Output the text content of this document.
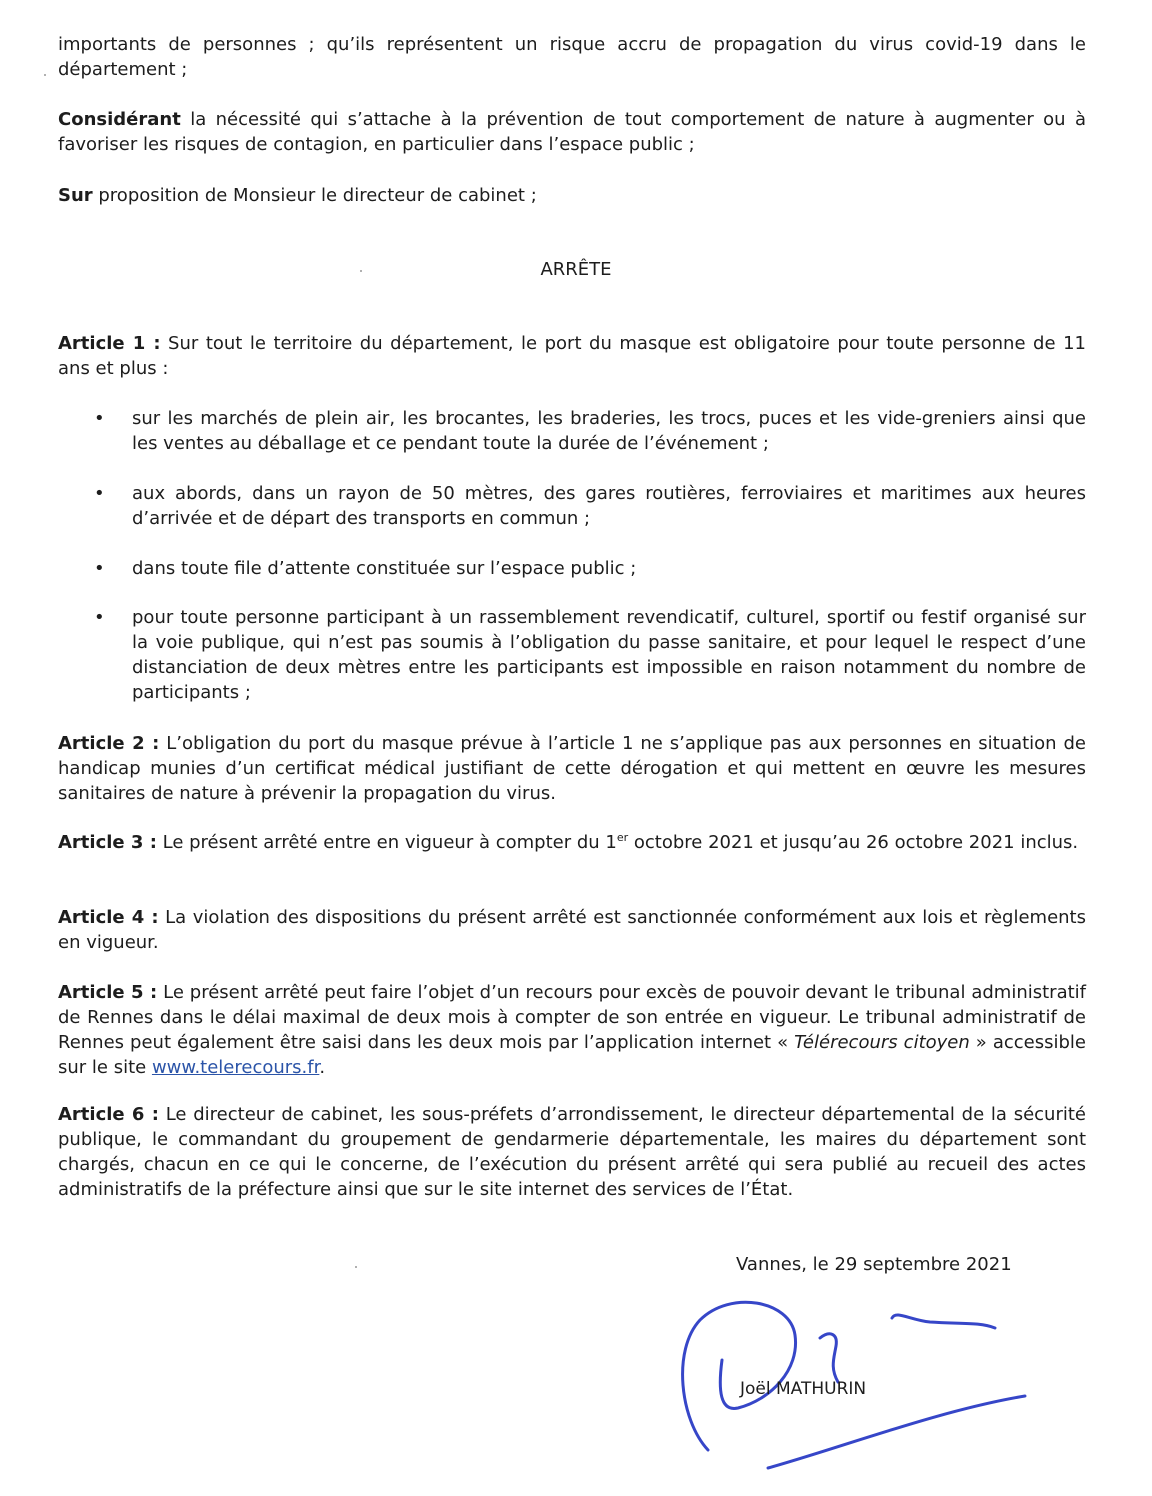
importants de personnes ; qu’ils représentent un risque accru de propagation du virus covid-19 dans le département ;

Considérant la nécessité qui s’attache à la prévention de tout comportement de nature à augmenter ou à favoriser les risques de contagion, en particulier dans l’espace public ;

Sur proposition de Monsieur le directeur de cabinet ;

ARRÊTE

Article 1 : Sur tout le territoire du département, le port du masque est obligatoire pour toute personne de 11 ans et plus :

• sur les marchés de plein air, les brocantes, les braderies, les trocs, puces et les vide-greniers ainsi que les ventes au déballage et ce pendant toute la durée de l’événement ;

• aux abords, dans un rayon de 50 mètres, des gares routières, ferroviaires et maritimes aux heures d’arrivée et de départ des transports en commun ;

• dans toute file d’attente constituée sur l’espace public ;

• pour toute personne participant à un rassemblement revendicatif, culturel, sportif ou festif organisé sur la voie publique, qui n’est pas soumis à l’obligation du passe sanitaire, et pour lequel le respect d’une distanciation de deux mètres entre les participants est impossible en raison notamment du nombre de participants ;

Article 2 : L’obligation du port du masque prévue à l’article 1 ne s’applique pas aux personnes en situation de handicap munies d’un certificat médical justifiant de cette dérogation et qui mettent en œuvre les mesures sanitaires de nature à prévenir la propagation du virus.

Article 3 : Le présent arrêté entre en vigueur à compter du 1er octobre 2021 et jusqu’au 26 octobre 2021 inclus.

Article 4 : La violation des dispositions du présent arrêté est sanctionnée conformément aux lois et règlements en vigueur.

Article 5 : Le présent arrêté peut faire l’objet d’un recours pour excès de pouvoir devant le tribunal administratif de Rennes dans le délai maximal de deux mois à compter de son entrée en vigueur. Le tribunal administratif de Rennes peut également être saisi dans les deux mois par l’application internet « Télérecours citoyen » accessible sur le site www.telerecours.fr.

Article 6 : Le directeur de cabinet, les sous-préfets d’arrondissement, le directeur départemental de la sécurité publique, le commandant du groupement de gendarmerie départementale, les maires du département sont chargés, chacun en ce qui le concerne, de l’exécution du présent arrêté qui sera publié au recueil des actes administratifs de la préfecture ainsi que sur le site internet des services de l’État.

Vannes, le 29 septembre 2021

Joël MATHURIN
